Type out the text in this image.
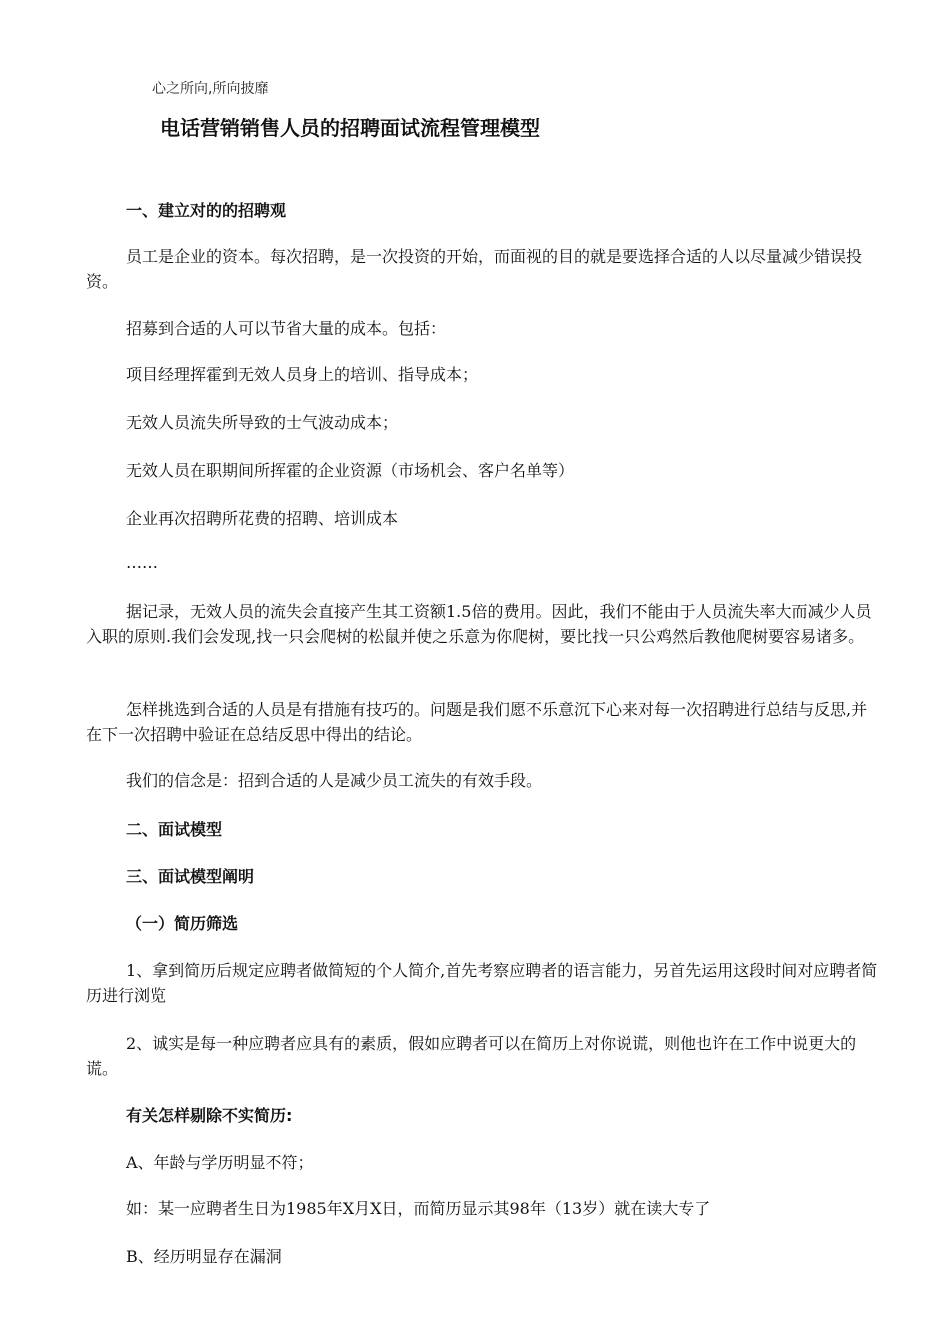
心之所向,所向披靡
电话营销销售人员的招聘面试流程管理模型
一、建立对的的招聘观
员工是企业的资本。每次招聘，是一次投资的开始，而面视的目的就是要选择合适的人以尽量减少错误投资。
招募到合适的人可以节省大量的成本。包括：
项目经理挥霍到无效人员身上的培训、指导成本；
无效人员流失所导致的士气波动成本；
无效人员在职期间所挥霍的企业资源（市场机会、客户名单等）
企业再次招聘所花费的招聘、培训成本
……
据记录，无效人员的流失会直接产生其工资额1.5倍的费用。因此，我们不能由于人员流失率大而减少人员入职的原则.我们会发现,找一只会爬树的松鼠并使之乐意为你爬树，要比找一只公鸡然后教他爬树要容易诸多。
怎样挑选到合适的人员是有措施有技巧的。问题是我们愿不乐意沉下心来对每一次招聘进行总结与反思,并在下一次招聘中验证在总结反思中得出的结论。
我们的信念是：招到合适的人是减少员工流失的有效手段。
二、面试模型
三、面试模型阐明
（一）简历筛选
1、拿到简历后规定应聘者做简短的个人简介,首先考察应聘者的语言能力，另首先运用这段时间对应聘者简历进行浏览
2、诚实是每一种应聘者应具有的素质，假如应聘者可以在简历上对你说谎，则他也许在工作中说更大的谎。
有关怎样剔除不实简历:
A、年龄与学历明显不符；
如：某一应聘者生日为1985年X月X日，而简历显示其98年（13岁）就在读大专了
B、经历明显存在漏洞
